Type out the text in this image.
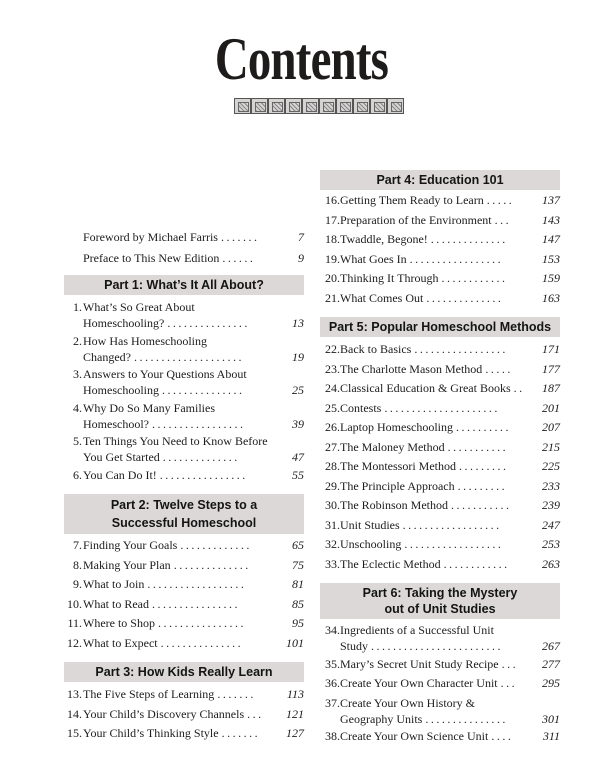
Contents
Foreword by Michael Farris .......	7
Preface to This New Edition ......	9
Part 1: What’s It All About?
1. What’s So Great About
Homeschooling? ...............	13
2. How Has Homeschooling
Changed? ....................	19
3. Answers to Your Questions About
Homeschooling ...............	25
4. Why Do So Many Families
Homeschool? .................	39
5. Ten Things You Need to Know Before
You Get Started ..............	47
6. You Can Do It! ................	55
Part 2: Twelve Steps to a
Successful Homeschool
7. Finding Your Goals .............	65
8. Making Your Plan ..............	75
9. What to Join ..................	81
10. What to Read ................	85
11. Where to Shop ................	95
12. What to Expect ...............	101
Part 3: How Kids Really Learn
13. The Five Steps of Learning .......	113
14. Your Child’s Discovery Channels ...	121
15. Your Child’s Thinking Style .......	127
Part 4: Education 101
16. Getting Them Ready to Learn .....	137
17. Preparation of the Environment ...	143
18. Twaddle, Begone! ..............	147
19. What Goes In .................	153
20. Thinking It Through ............	159
21. What Comes Out ..............	163
Part 5: Popular Homeschool Methods
22. Back to Basics .................	171
23. The Charlotte Mason Method .....	177
24. Classical Education & Great Books ..	187
25. Contests .....................	201
26. Laptop Homeschooling ..........	207
27. The Maloney Method ...........	215
28. The Montessori Method .........	225
29. The Principle Approach .........	233
30. The Robinson Method ...........	239
31. Unit Studies ..................	247
32. Unschooling ..................	253
33. The Eclectic Method ............	263
Part 6: Taking the Mystery
out of Unit Studies
34. Ingredients of a Successful Unit
Study ........................	267
35. Mary’s Secret Unit Study Recipe ...	277
36. Create Your Own Character Unit ...	295
37. Create Your Own History &
Geography Units ...............	301
38. Create Your Own Science Unit ....	311
